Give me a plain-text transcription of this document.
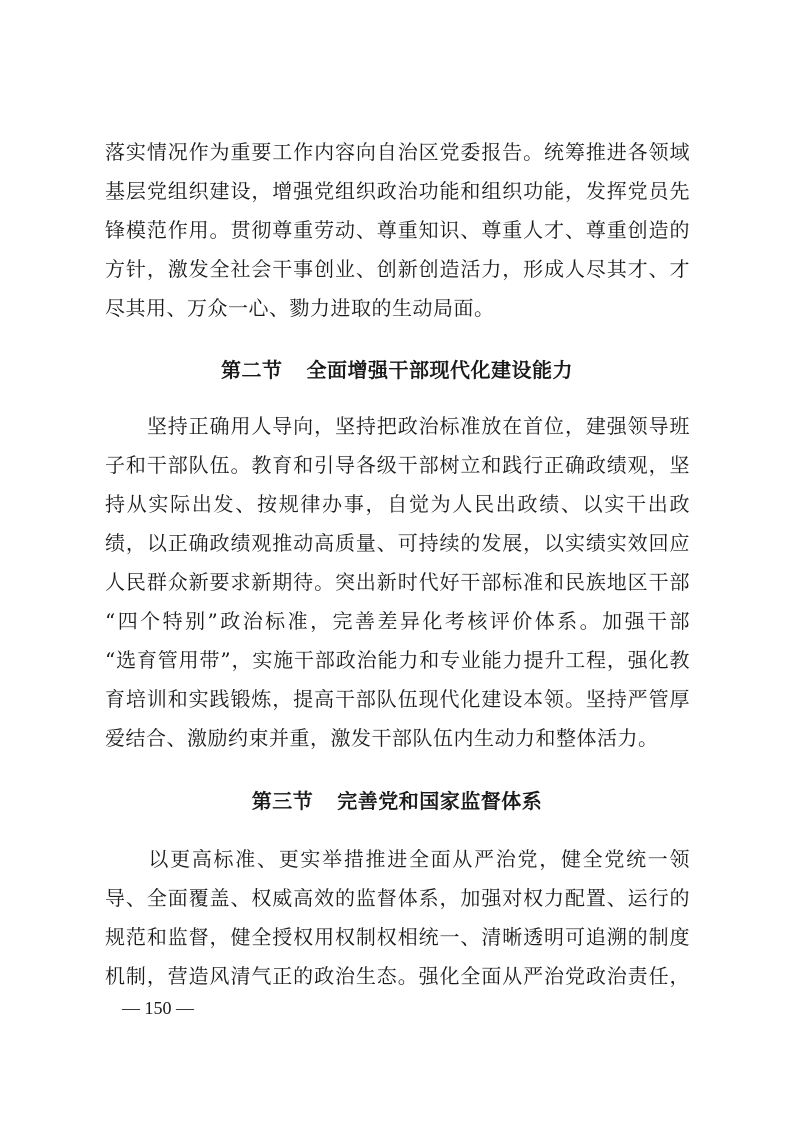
落实情况作为重要工作内容向自治区党委报告。统筹推进各领域
基层党组织建设，增强党组织政治功能和组织功能，发挥党员先
锋模范作用。贯彻尊重劳动、尊重知识、尊重人才、尊重创造的
方针，激发全社会干事创业、创新创造活力，形成人尽其才、才
尽其用、万众一心、勠力进取的生动局面。
第二节 全面增强干部现代化建设能力
　　坚持正确用人导向，坚持把政治标准放在首位，建强领导班
子和干部队伍。教育和引导各级干部树立和践行正确政绩观，坚
持从实际出发、按规律办事，自觉为人民出政绩、以实干出政
绩，以正确政绩观推动高质量、可持续的发展，以实绩实效回应
人民群众新要求新期待。突出新时代好干部标准和民族地区干部
“四个特别”政治标准，完善差异化考核评价体系。加强干部
“选育管用带”，实施干部政治能力和专业能力提升工程，强化教
育培训和实践锻炼，提高干部队伍现代化建设本领。坚持严管厚
爱结合、激励约束并重，激发干部队伍内生动力和整体活力。
第三节 完善党和国家监督体系
　　以更高标准、更实举措推进全面从严治党，健全党统一领
导、全面覆盖、权威高效的监督体系，加强对权力配置、运行的
规范和监督，健全授权用权制权相统一、清晰透明可追溯的制度
机制，营造风清气正的政治生态。强化全面从严治党政治责任，
— 150 —
